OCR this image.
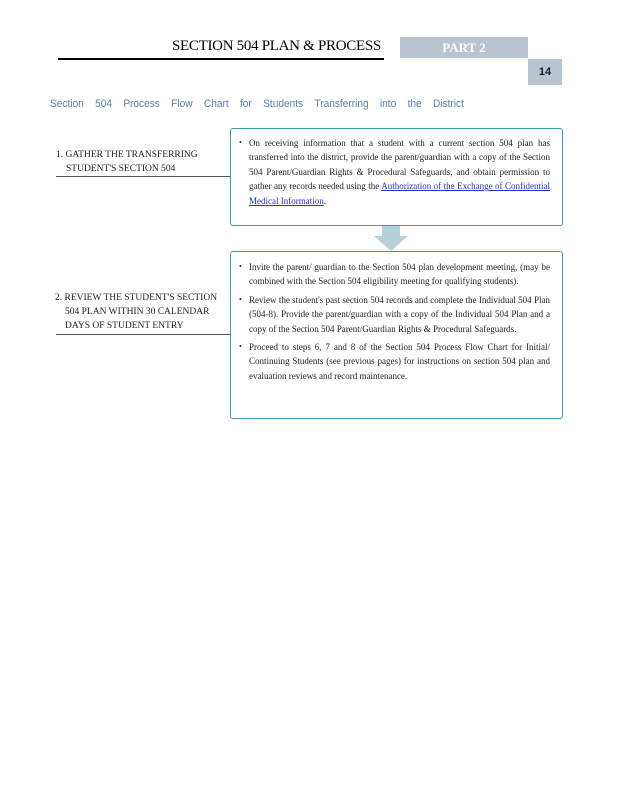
SECTION 504 PLAN & PROCESS	PART 2
14
Section 504 Process Flow Chart for Students Transferring into the District
1. GATHER THE TRANSFERRING
STUDENT'S SECTION 504
• On receiving information that a student with a current section 504 plan has transferred into the district, provide the parent/guardian with a copy of the Section 504 Parent/Guardian Rights & Procedural Safeguards, and obtain permission to gather any records needed using the Authorization of the Exchange of Confidential Medical Information.
2. REVIEW THE STUDENT'S SECTION
504 PLAN WITHIN 30 CALENDAR
DAYS OF STUDENT ENTRY
• Invite the parent/ guardian to the Section 504 plan development meeting, (may be combined with the Section 504 eligibility meeting for qualifying students).
• Review the student's past section 504 records and complete the Individual 504 Plan (504-8). Provide the parent/guardian with a copy of the Individual 504 Plan and a copy of the Section 504 Parent/Guardian Rights & Procedural Safeguards.
• Proceed to steps 6, 7 and 8 of the Section 504 Process Flow Chart for Initial/ Continuing Students (see previous pages) for instructions on section 504 plan and evaluation reviews and record maintenance.
